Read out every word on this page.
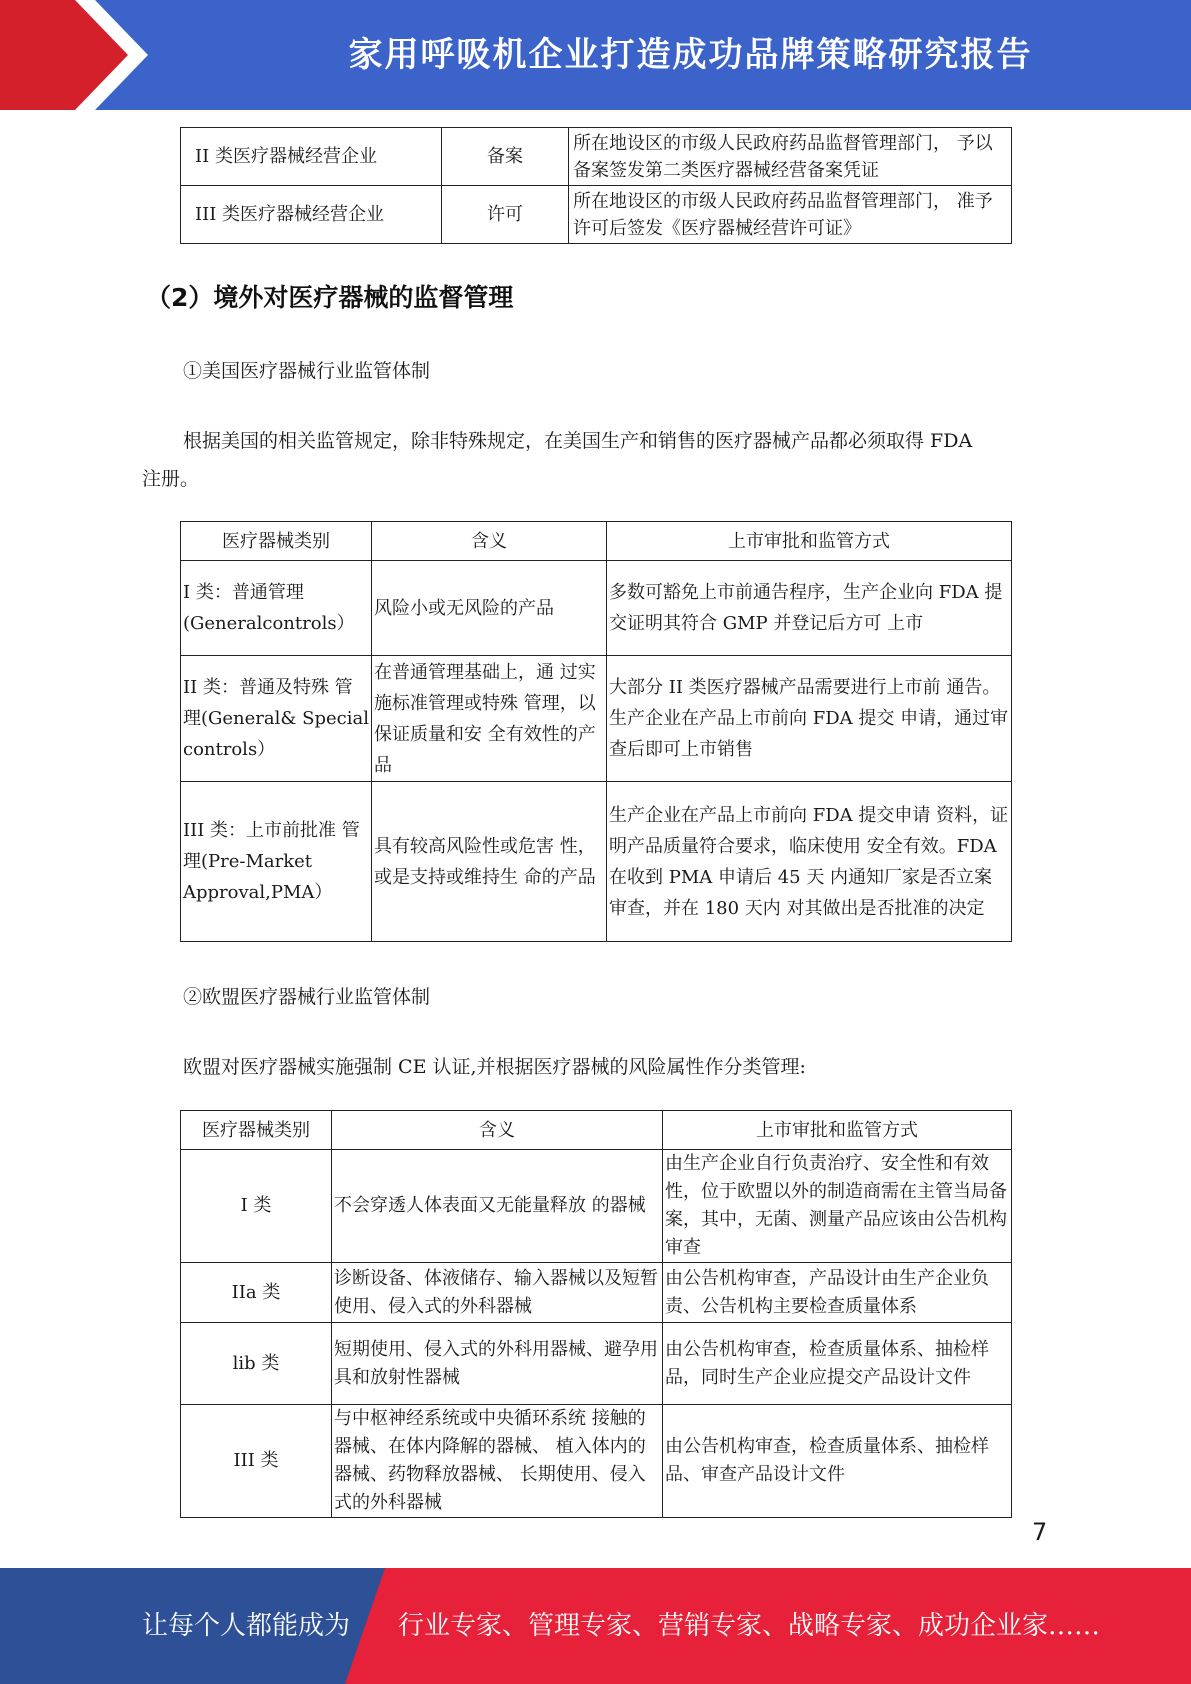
家用呼吸机企业打造成功品牌策略研究报告
II 类医疗器械经营企业	备案	所在地设区的市级人民政府药品监督管理部门， 予以备案签发第二类医疗器械经营备案凭证
III 类医疗器械经营企业	许可	所在地设区的市级人民政府药品监督管理部门， 准予许可后签发《医疗器械经营许可证》
（2）境外对医疗器械的监督管理
①美国医疗器械行业监管体制
根据美国的相关监管规定，除非特殊规定，在美国生产和销售的医疗器械产品都必须取得 FDA
注册。
医疗器械类别	含义	上市审批和监管方式
I 类：普通管理 (Generalcontrols）	风险小或无风险的产品	多数可豁免上市前通告程序，生产企业向 FDA 提交证明其符合 GMP 并登记后方可 上市
II 类：普通及特殊 管理(General& Special controls）	在普通管理基础上，通 过实施标准管理或特殊 管理，以保证质量和安 全有效性的产品	大部分 II 类医疗器械产品需要进行上市前 通告。生产企业在产品上市前向 FDA 提交 申请，通过审查后即可上市销售
III 类：上市前批准 管理(Pre-Market Approval,PMA）	具有较高风险性或危害 性，或是支持或维持生 命的产品	生产企业在产品上市前向 FDA 提交申请 资料，证明产品质量符合要求，临床使用 安全有效。FDA 在收到 PMA 申请后 45 天 内通知厂家是否立案审查，并在 180 天内 对其做出是否批准的决定
②欧盟医疗器械行业监管体制
欧盟对医疗器械实施强制 CE 认证,并根据医疗器械的风险属性作分类管理:
医疗器械类别	含义	上市审批和监管方式
I 类	不会穿透人体表面又无能量释放 的器械	由生产企业自行负责治疗、安全性和有效性，位于欧盟以外的制造商需在主管当局备案，其中，无菌、测量产品应该由公告机构审查
IIa 类	诊断设备、体液储存、输入器械以及短暂使用、侵入式的外科器械	由公告机构审查，产品设计由生产企业负责、公告机构主要检查质量体系
lib 类	短期使用、侵入式的外科用器械、避孕用具和放射性器械	由公告机构审查，检查质量体系、抽检样品，同时生产企业应提交产品设计文件
III 类	与中枢神经系统或中央循环系统 接触的器械、在体内降解的器械、 植入体内的器械、药物释放器械、 长期使用、侵入式的外科器械	由公告机构审查，检查质量体系、抽检样品、审查产品设计文件
7
让每个人都能成为 行业专家、管理专家、营销专家、战略专家、成功企业家……
